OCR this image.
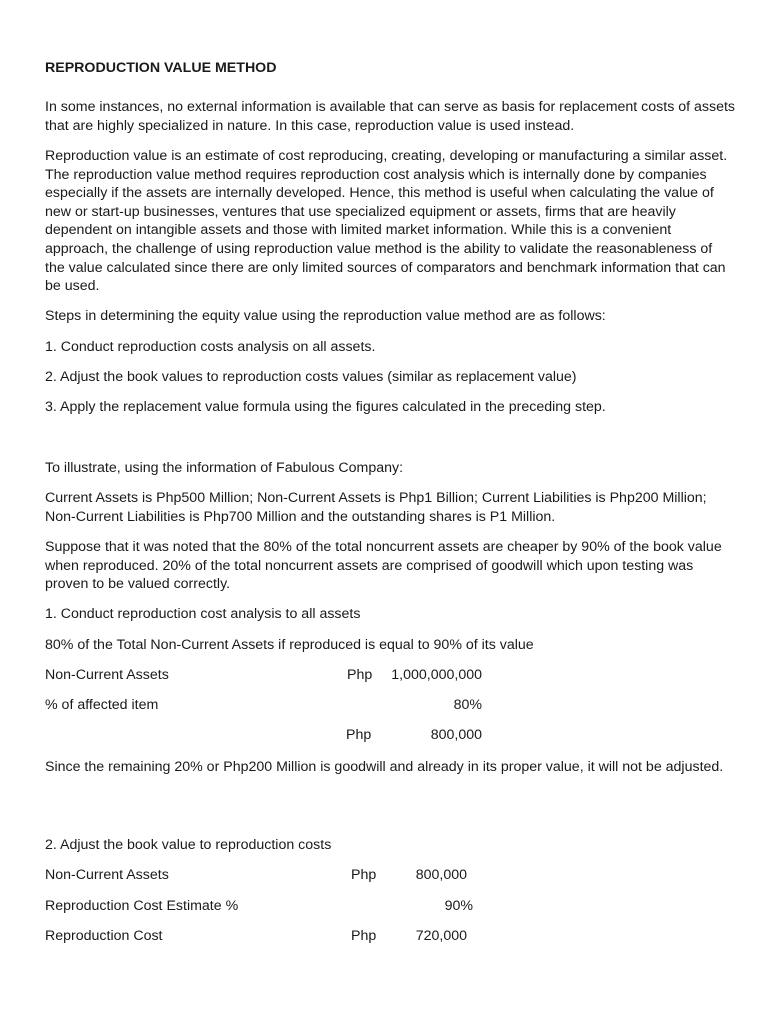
REPRODUCTION VALUE METHOD
In some instances, no external information is available that can serve as basis for replacement costs of assets that are highly specialized in nature. In this case, reproduction value is used instead.
Reproduction value is an estimate of cost reproducing, creating, developing or manufacturing a similar asset. The reproduction value method requires reproduction cost analysis which is internally done by companies especially if the assets are internally developed. Hence, this method is useful when calculating the value of new or start-up businesses, ventures that use specialized equipment or assets, firms that are heavily dependent on intangible assets and those with limited market information. While this is a convenient approach, the challenge of using reproduction value method is the ability to validate the reasonableness of the value calculated since there are only limited sources of comparators and benchmark information that can be used.
Steps in determining the equity value using the reproduction value method are as follows:
1. Conduct reproduction costs analysis on all assets.
2. Adjust the book values to reproduction costs values (similar as replacement value)
3. Apply the replacement value formula using the figures calculated in the preceding step.
To illustrate, using the information of Fabulous Company:
Current Assets is Php500 Million; Non-Current Assets is Php1 Billion; Current Liabilities is Php200 Million; Non-Current Liabilities is Php700 Million and the outstanding shares is P1 Million.
Suppose that it was noted that the 80% of the total noncurrent assets are cheaper by 90% of the book value when reproduced. 20% of the total noncurrent assets are comprised of goodwill which upon testing was proven to be valued correctly.
1. Conduct reproduction cost analysis to all assets
80% of the Total Non-Current Assets if reproduced is equal to 90% of its value
Non-Current Assets	Php 1,000,000,000
% of affected item	80%
Php	800,000
Since the remaining 20% or Php200 Million is goodwill and already in its proper value, it will not be adjusted.
2. Adjust the book value to reproduction costs
Non-Current Assets	Php	800,000
Reproduction Cost Estimate %	90%
Reproduction Cost	Php	720,000
